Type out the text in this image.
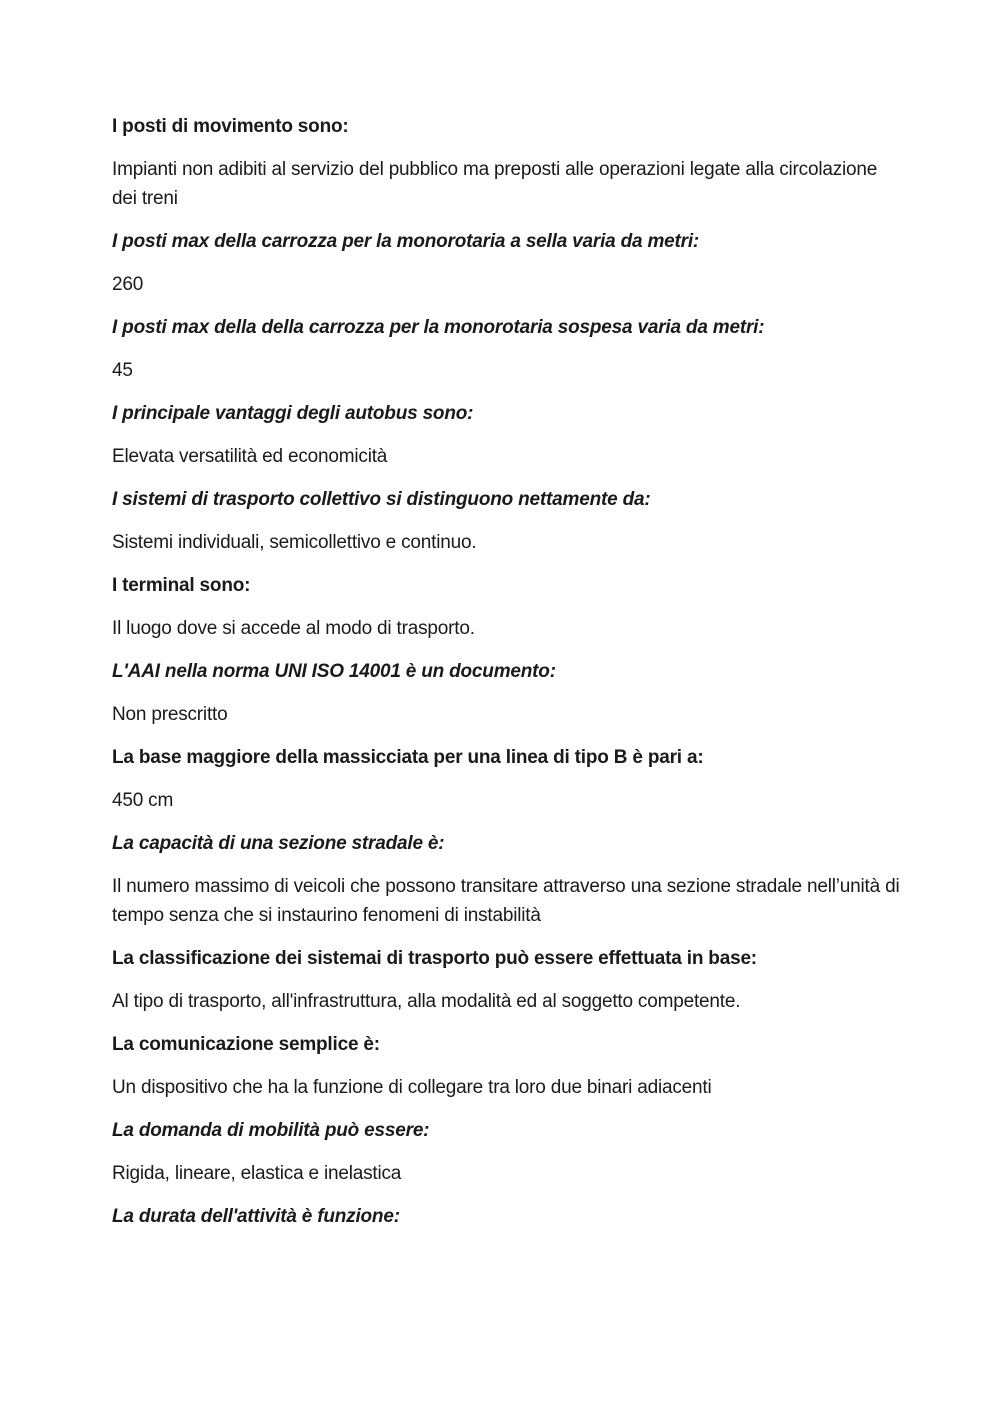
I posti di movimento sono:

Impianti non adibiti al servizio del pubblico ma preposti alle operazioni legate alla circolazione dei treni

I posti max della carrozza per la monorotaria a sella varia da metri:

260

I posti max della della carrozza per la monorotaria sospesa varia da metri:

45

I principale vantaggi degli autobus sono:

Elevata versatilità ed economicità

I sistemi di trasporto collettivo si distinguono nettamente da:

Sistemi individuali, semicollettivo e continuo.

I terminal sono:

Il luogo dove si accede al modo di trasporto.

L'AAI nella norma UNI ISO 14001 è un documento:

Non prescritto

La base maggiore della massicciata per una linea di tipo B è pari a:

450 cm

La capacità di una sezione stradale è:

Il numero massimo di veicoli che possono transitare attraverso una sezione stradale nell’unità di tempo senza che si instaurino fenomeni di instabilità

La classificazione dei sistemai di trasporto può essere effettuata in base:

Al tipo di trasporto, all'infrastruttura, alla modalità ed al soggetto competente.

La comunicazione semplice è:

Un dispositivo che ha la funzione di collegare tra loro due binari adiacenti

La domanda di mobilità può essere:

Rigida, lineare, elastica e inelastica

La durata dell'attività è funzione:
